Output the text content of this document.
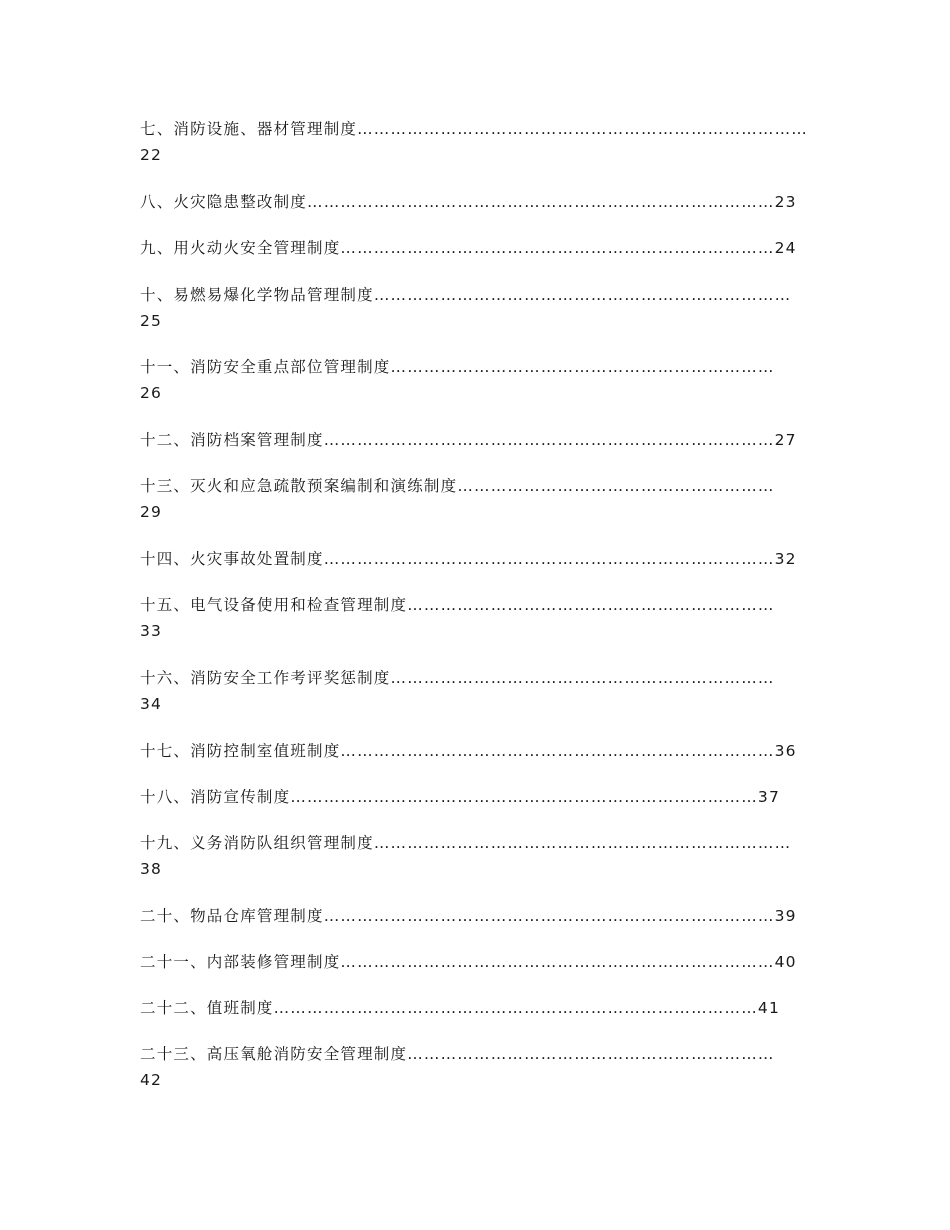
七、消防设施、器材管理制度………………………………………………………………………
22
八、火灾隐患整改制度…………………………………………………………………………23
九、用火动火安全管理制度……………………………………………………………………24
十、易燃易爆化学物品管理制度…………………………………………………………………
25
十一、消防安全重点部位管理制度……………………………………………………………
26
十二、消防档案管理制度………………………………………………………………………27
十三、灭火和应急疏散预案编制和演练制度…………………………………………………
29
十四、火灾事故处置制度………………………………………………………………………32
十五、电气设备使用和检查管理制度…………………………………………………………
33
十六、消防安全工作考评奖惩制度……………………………………………………………
34
十七、消防控制室值班制度……………………………………………………………………36
十八、消防宣传制度…………………………………………………………………………37
十九、义务消防队组织管理制度…………………………………………………………………
38
二十、物品仓库管理制度………………………………………………………………………39
二十一、内部装修管理制度……………………………………………………………………40
二十二、值班制度……………………………………………………………………………41
二十三、高压氧舱消防安全管理制度…………………………………………………………
42
